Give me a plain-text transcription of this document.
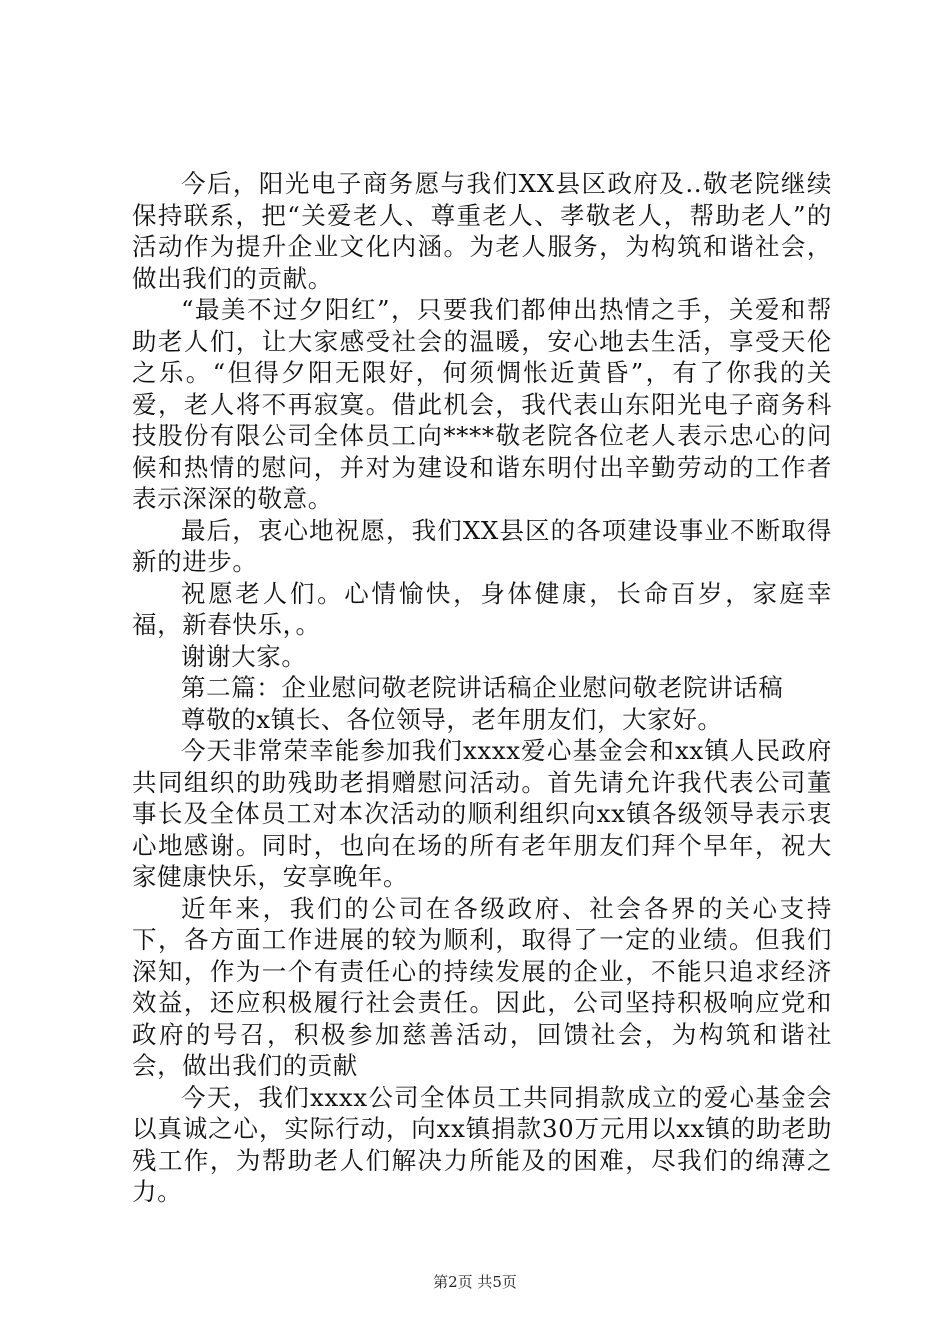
今后，阳光电子商务愿与我们XX县区政府及..敬老院继续保持联系，把“关爱老人、尊重老人、孝敬老人，帮助老人”的活动作为提升企业文化内涵。为老人服务，为构筑和谐社会，做出我们的贡献。

“最美不过夕阳红”，只要我们都伸出热情之手，关爱和帮助老人们，让大家感受社会的温暖，安心地去生活，享受天伦之乐。“但得夕阳无限好，何须惆怅近黄昏”，有了你我的关爱，老人将不再寂寞。借此机会，我代表山东阳光电子商务科技股份有限公司全体员工向****敬老院各位老人表示忠心的问候和热情的慰问，并对为建设和谐东明付出辛勤劳动的工作者表示深深的敬意。

最后，衷心地祝愿，我们XX县区的各项建设事业不断取得新的进步。

祝愿老人们。心情愉快，身体健康，长命百岁，家庭幸福，新春快乐，。

谢谢大家。

第二篇：企业慰问敬老院讲话稿企业慰问敬老院讲话稿

尊敬的x镇长、各位领导，老年朋友们，大家好。

今天非常荣幸能参加我们xxxx爱心基金会和xx镇人民政府共同组织的助残助老捐赠慰问活动。首先请允许我代表公司董事长及全体员工对本次活动的顺利组织向xx镇各级领导表示衷心地感谢。同时，也向在场的所有老年朋友们拜个早年，祝大家健康快乐，安享晚年。

近年来，我们的公司在各级政府、社会各界的关心支持下，各方面工作进展的较为顺利，取得了一定的业绩。但我们深知，作为一个有责任心的持续发展的企业，不能只追求经济效益，还应积极履行社会责任。因此，公司坚持积极响应党和政府的号召，积极参加慈善活动，回馈社会，为构筑和谐社会，做出我们的贡献

今天，我们xxxx公司全体员工共同捐款成立的爱心基金会以真诚之心，实际行动，向xx镇捐款30万元用以xx镇的助老助残工作，为帮助老人们解决力所能及的困难，尽我们的绵薄之力。

第2页 共5页
